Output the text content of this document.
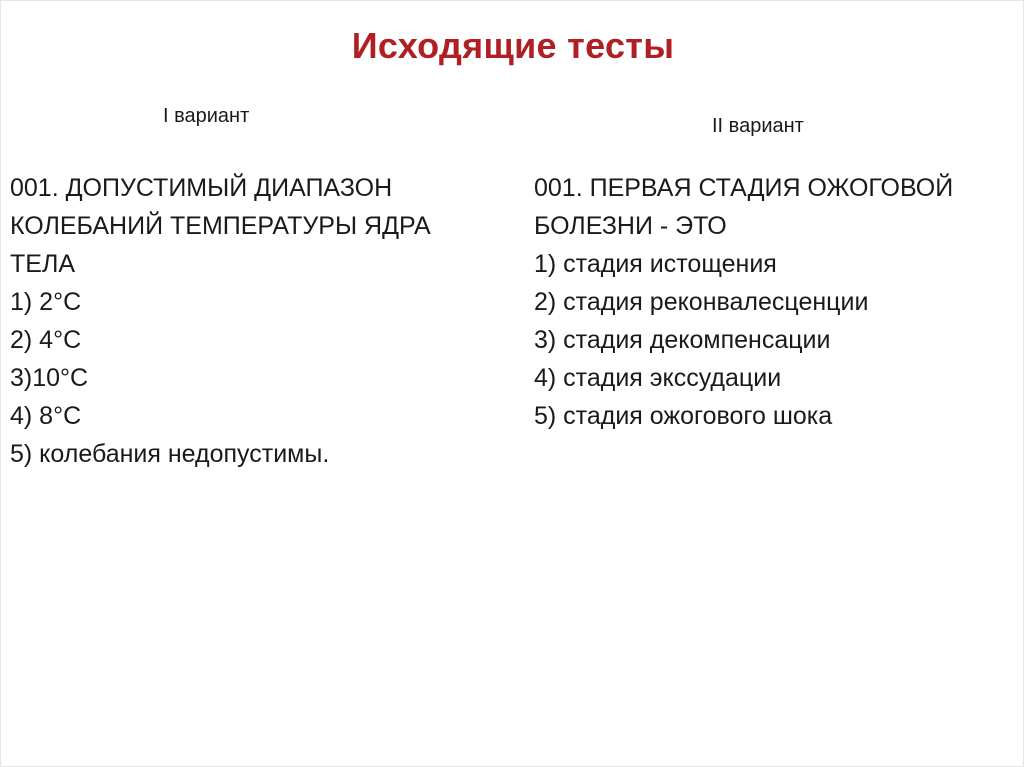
Исходящие тесты
I вариант	II вариант
001. ДОПУСТИМЫЙ ДИАПАЗОН
КОЛЕБАНИЙ ТЕМПЕРАТУРЫ ЯДРА
ТЕЛА
1) 2°С
2) 4°С
3)10°С
4) 8°С
5) колебания недопустимы.
001. ПЕРВАЯ СТАДИЯ ОЖОГОВОЙ
БОЛЕЗНИ - ЭТО
1) стадия истощения
2) стадия реконвалесценции
3) стадия декомпенсации
4) стадия экссудации
5) стадия ожогового шока
